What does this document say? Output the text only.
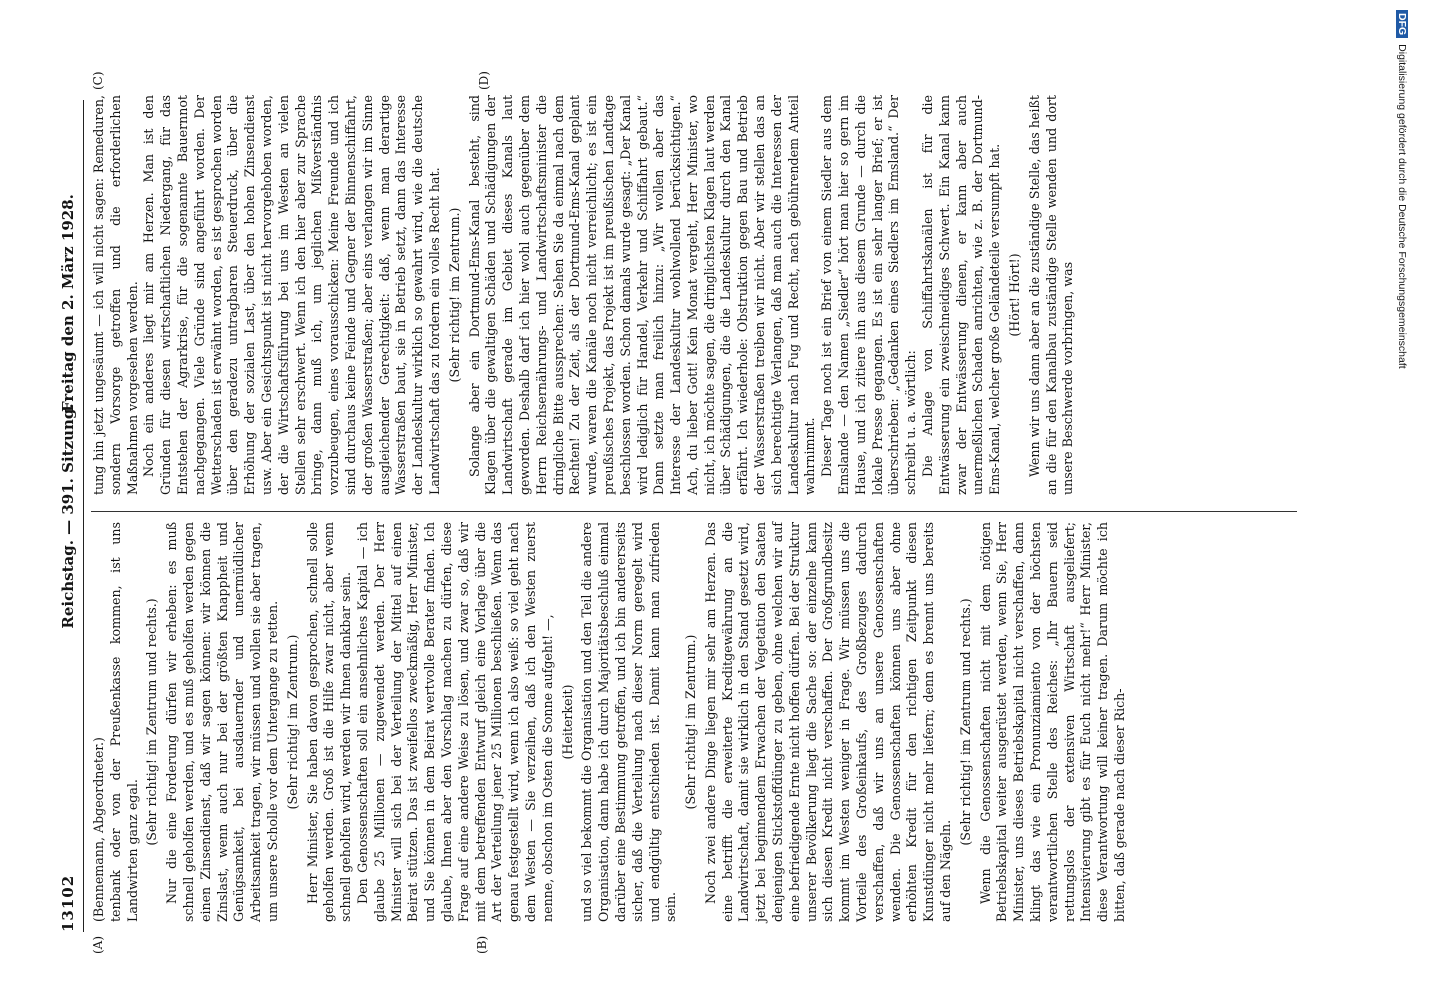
13102
Reichstag. — 391. Sitzung.
Freitag den 2. März 1928.
(A)	(B)
(C)	(D)

(Bennemann, Abgeordneter.) tenbank oder von der Preußenkasse kommen, ist uns Landwirten ganz egal.

(Sehr richtig! im Zentrum und rechts.) Nur die eine Forderung dürfen wir erheben: es muß schnell geholfen werden, und es muß geholfen werden gegen einen Zinsendienst, daß wir sagen können: wir können die Zinslast, wenn auch nur bei der größten Knappheit und Genügsamkeit, bei ausdauernder und unermüdlicher Arbeitsamkeit tragen, wir müssen und wollen sie aber tragen, um unsere Scholle vor dem Untergange zu retten. (Sehr richtig! im Zentrum.) Herr Minister, Sie haben davon gesprochen, schnell solle geholfen werden. Groß ist die Hilfe zwar nicht, aber wenn schnell geholfen wird, werden wir Ihnen dankbar sein. Den Genossenschaften soll ein ansehnliches Kapital — ich glaube 25 Millionen — zugewendet werden. Der Herr Minister will sich bei der Verteilung der Mittel auf einen Beirat stützen. Das ist zweifellos zweckmäßig, Herr Minister, und Sie können in dem Beirat wertvolle Berater finden. Ich glaube, Ihnen aber den Vorschlag machen zu dürfen, diese Frage auf eine andere Weise zu lösen, und zwar so, daß wir mit dem betreffenden Entwurf gleich eine Vorlage über die Art der Verteilung jener 25 Millionen beschließen. Wenn das genau festgestellt wird, wenn ich also weiß: so viel geht nach dem Westen — Sie verzeihen, daß ich den Westen zuerst nenne, obschon im Osten die Sonne aufgeht! —, (Heiterkeit) und so viel bekommt die Organisation und den Teil die andere Organisation, dann habe ich durch Majoritätsbeschluß einmal darüber eine Bestimmung getroffen, und ich bin andererseits sicher, daß die Verteilung nach dieser Norm geregelt wird und endgültig entschieden ist. Damit kann man zufrieden sein.

(Sehr richtig! im Zentrum.) Noch zwei andere Dinge liegen mir sehr am Herzen. Das eine betrifft die erweiterte Kreditgewährung an die Landwirtschaft, damit sie wirklich in den Stand gesetzt wird, jetzt bei beginnendem Erwachen der Vegetation den Saaten denjenigen Stickstoffdünger zu geben, ohne welchen wir auf eine befriedigende Ernte nicht hoffen dürfen. Bei der Struktur unserer Bevölkerung liegt die Sache so: der einzelne kann sich diesen Kredit nicht verschaffen. Der Großgrundbesitz kommt im Westen weniger in Frage. Wir müssen uns die Vorteile des Großeinkaufs, des Großbezuges dadurch verschaffen, daß wir uns an unsere Genossenschaften wenden. Die Genossenschaften können uns aber ohne erhöhten Kredit für den richtigen Zeitpunkt diesen Kunstdünger nicht mehr liefern; denn es brennt uns bereits auf den Nägeln.

(Sehr richtig! im Zentrum und rechts.) Wenn die Genossenschaften nicht mit dem nötigen Betriebskapital weiter ausgerüstet werden, wenn Sie, Herr Minister, uns dieses Betriebskapital nicht verschaffen, dann klingt das wie ein Pronunziamiento von der höchsten verantwortlichen Stelle des Reiches: „Ihr Bauern seid rettungslos der extensiven Wirtschaft ausgeliefert; Intensivierung gibt es für Euch nicht mehr!“ Herr Minister, diese Verantwortung will keiner tragen. Darum möchte ich bitten, daß gerade nach dieser Rich-

tung hin jetzt ungesäumt — ich will nicht sagen: Remeduren, sondern Vorsorge getroffen und die erforderlichen Maßnahmen vorgesehen werden. Noch ein anderes liegt mir am Herzen. Man ist den Gründen für diesen wirtschaftlichen Niedergang, für das Entstehen der Agrarkrise, für die sogenannte Bauernnot nachgegangen. Viele Gründe sind angeführt worden. Der Wetterschaden ist erwähnt worden, es ist gesprochen worden über den geradezu untragbaren Steuerdruck, über die Erhöhung der sozialen Last, über den hohen Zinsendienst usw. Aber ein Gesichtspunkt ist nicht hervorgehoben worden, der die Wirtschaftsführung bei uns im Westen an vielen Stellen sehr erschwert. Wenn ich den hier aber zur Sprache bringe, dann muß ich, um jeglichen Mißverständnis vorzubeugen, eines vorausschicken: Meine Freunde und ich sind durchaus keine Feinde und Gegner der Binnenschiffahrt, der großen Wasserstraßen; aber eins verlangen wir im Sinne ausgleichender Gerechtigkeit: daß, wenn man derartige Wasserstraßen baut, sie in Betrieb setzt, dann das Interesse der Landeskultur wirklich so gewahrt wird, wie die deutsche Landwirtschaft das zu fordern ein volles Recht hat. (Sehr richtig! im Zentrum.) Solange aber ein Dortmund-Ems-Kanal besteht, sind Klagen über die gewaltigen Schäden und Schädigungen der Landwirtschaft gerade im Gebiet dieses Kanals laut geworden. Deshalb darf ich hier wohl auch gegenüber dem Herrn Reichsernährungs- und Landwirtschaftsminister die dringliche Bitte aussprechen: Sehen Sie da einmal nach dem Rechten! Zu der Zeit, als der Dortmund-Ems-Kanal geplant wurde, waren die Kanäle noch nicht verreichlicht; es ist ein preußisches Projekt, das Projekt ist im preußischen Landtage beschlossen worden. Schon damals wurde gesagt: „Der Kanal wird lediglich für Handel, Verkehr und Schiffahrt gebaut.“ Dann setzte man freilich hinzu: „Wir wollen aber das Interesse der Landeskultur wohlwollend berücksichtigen.“ Ach, du lieber Gott! Kein Monat vergeht, Herr Minister, wo nicht, ich möchte sagen, die dringlichsten Klagen laut werden über Schädigungen, die die Landeskultur durch den Kanal erfährt. Ich wiederhole: Obstruktion gegen Bau und Betrieb der Wasserstraßen treiben wir nicht. Aber wir stellen das an sich berechtigte Verlangen, daß man auch die Interessen der Landeskultur nach Fug und Recht, nach gebührendem Anteil wahrnimmt. Dieser Tage noch ist ein Brief von einem Siedler aus dem Emslande — den Namen „Siedler“ hört man hier so gern im Hause, und ich zitiere ihn aus diesem Grunde — durch die lokale Presse gegangen. Es ist ein sehr langer Brief; er ist überschrieben: „Gedanken eines Siedlers im Emsland.“ Der schreibt u. a. wörtlich: Die Anlage von Schiffahrtskanälen ist für die Entwässerung ein zweischneidiges Schwert. Ein Kanal kann zwar der Entwässerung dienen, er kann aber auch unermeßlichen Schaden anrichten, wie z. B. der Dortmund-Ems-Kanal, welcher große Geländeteile versumpft hat. (Hört! Hört!) Wenn wir uns dann aber an die zuständige Stelle, das heißt an die für den Kanalbau zuständige Stelle wenden und dort unsere Beschwerde vorbringen, was

DFGDigitalisierung gefördert durch die Deutsche Forschungsgemeinschaft
